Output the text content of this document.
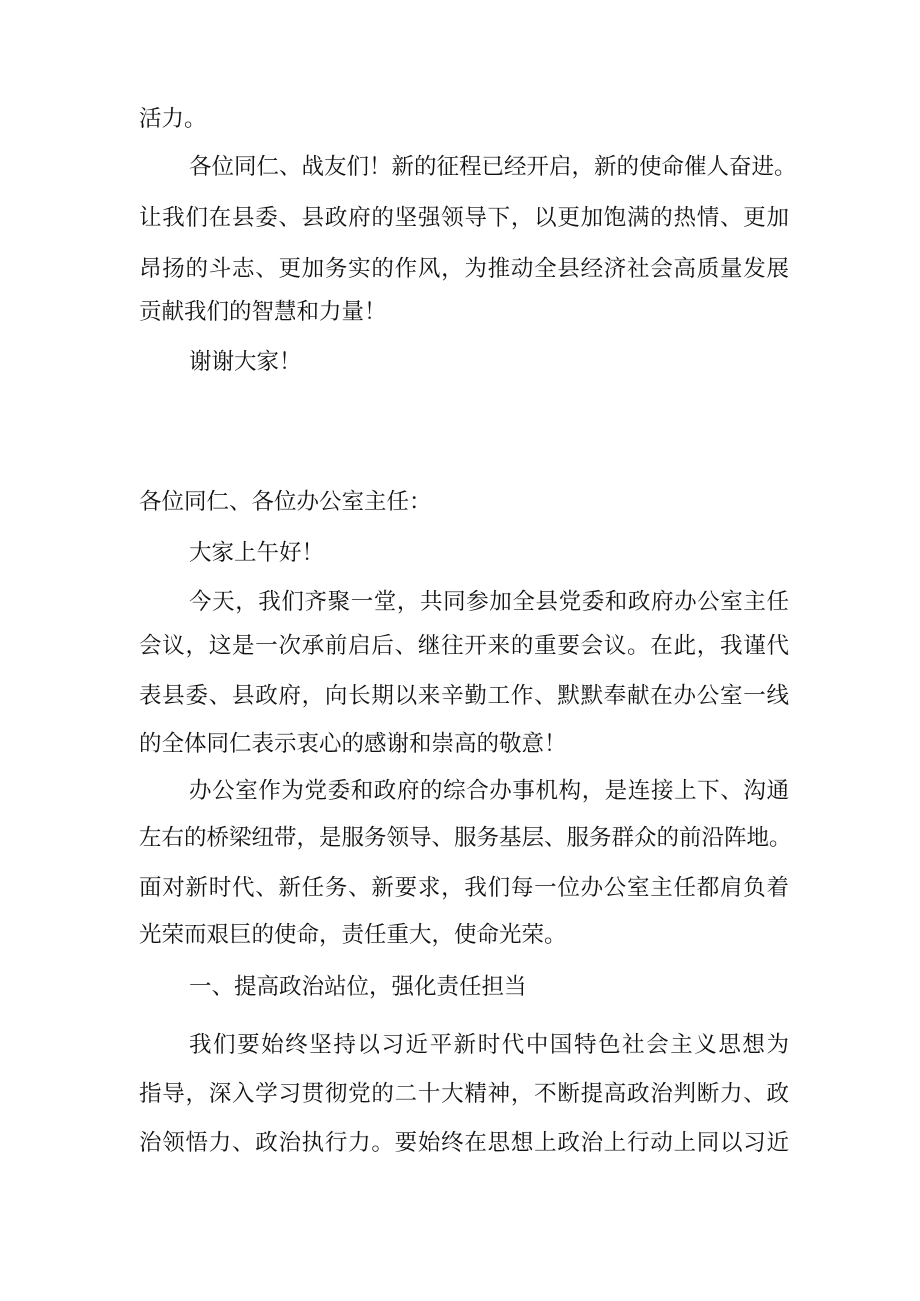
活力。
各位同仁、战友们！新的征程已经开启，新的使命催人奋进。
让我们在县委、县政府的坚强领导下，以更加饱满的热情、更加
昂扬的斗志、更加务实的作风，为推动全县经济社会高质量发展
贡献我们的智慧和力量！
谢谢大家！
各位同仁、各位办公室主任：
大家上午好！
今天，我们齐聚一堂，共同参加全县党委和政府办公室主任
会议，这是一次承前启后、继往开来的重要会议。在此，我谨代
表县委、县政府，向长期以来辛勤工作、默默奉献在办公室一线
的全体同仁表示衷心的感谢和崇高的敬意！
办公室作为党委和政府的综合办事机构，是连接上下、沟通
左右的桥梁纽带，是服务领导、服务基层、服务群众的前沿阵地。
面对新时代、新任务、新要求，我们每一位办公室主任都肩负着
光荣而艰巨的使命，责任重大，使命光荣。
一、提高政治站位，强化责任担当
我们要始终坚持以习近平新时代中国特色社会主义思想为
指导，深入学习贯彻党的二十大精神，不断提高政治判断力、政
治领悟力、政治执行力。要始终在思想上政治上行动上同以习近
